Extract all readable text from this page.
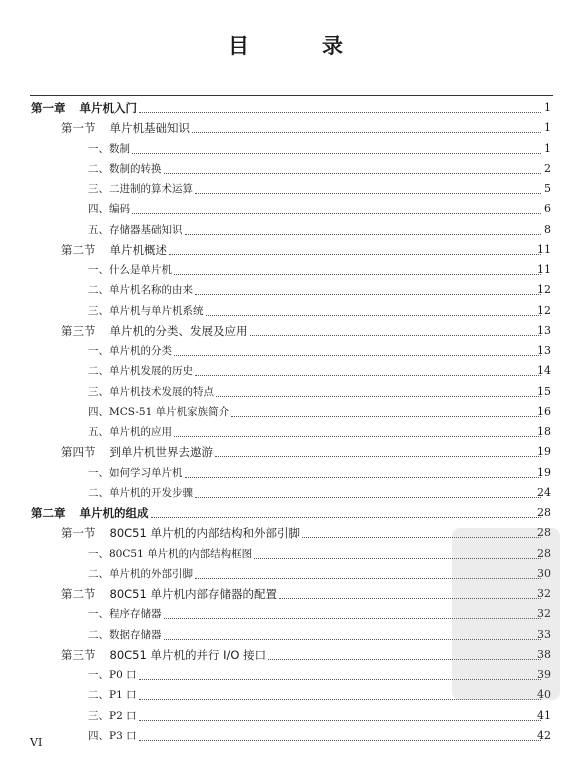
目　录
第一章 单片机入门	1
第一节 单片机基础知识	1
一、数制	1
二、数制的转换	2
三、二进制的算术运算	5
四、编码	6
五、存储器基础知识	8
第二节 单片机概述	11
一、什么是单片机	11
二、单片机名称的由来	12
三、单片机与单片机系统	12
第三节 单片机的分类、发展及应用	13
一、单片机的分类	13
二、单片机发展的历史	14
三、单片机技术发展的特点	15
四、MCS-51 单片机家族简介	16
五、单片机的应用	18
第四节 到单片机世界去遨游	19
一、如何学习单片机	19
二、单片机的开发步骤	24
第二章 单片机的组成	28
第一节 80C51 单片机的内部结构和外部引脚	28
一、80C51 单片机的内部结构框图	28
二、单片机的外部引脚	30
第二节 80C51 单片机内部存储器的配置	32
一、程序存储器	32
二、数据存储器	33
第三节 80C51 单片机的并行 I/O 接口	38
一、P0 口	39
二、P1 口	40
三、P2 口	41
四、P3 口	42
VI
